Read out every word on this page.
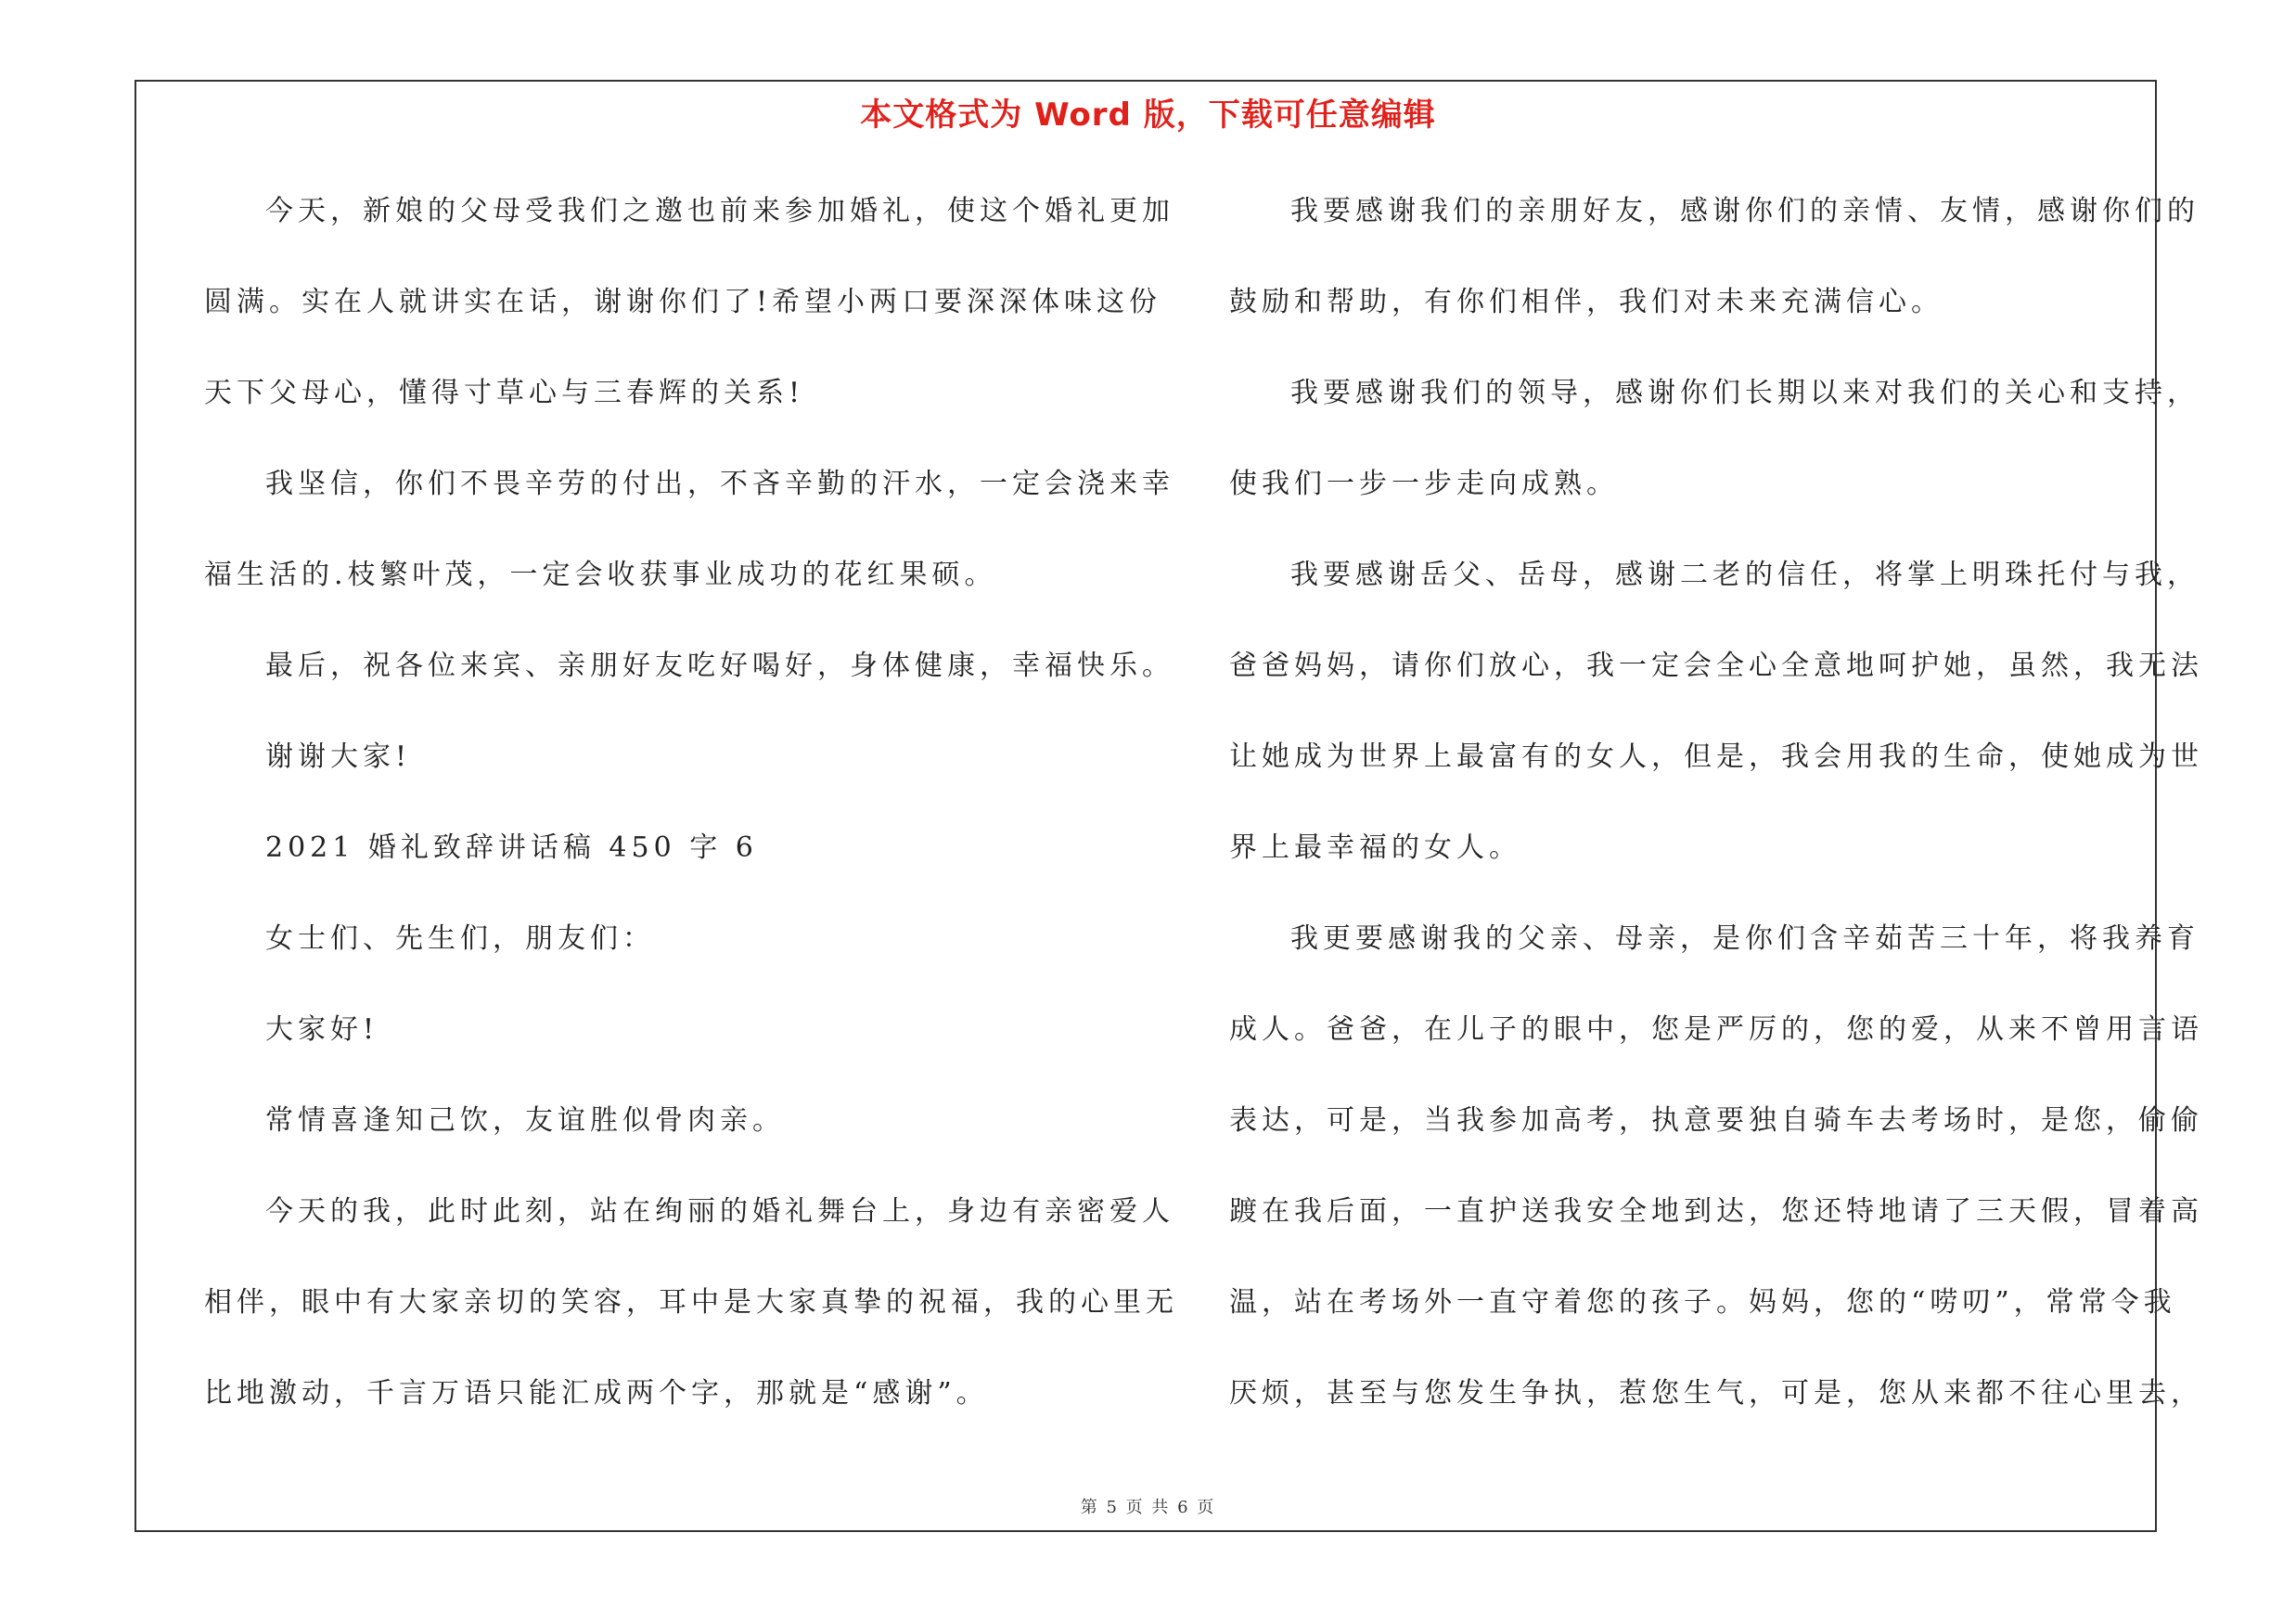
本文格式为 Word 版，下载可任意编辑
今天，新娘的父母受我们之邀也前来参加婚礼，使这个婚礼更加
圆满。实在人就讲实在话，谢谢你们了!希望小两口要深深体味这份
天下父母心，懂得寸草心与三春辉的关系!
我坚信，你们不畏辛劳的付出，不吝辛勤的汗水，一定会浇来幸
福生活的.枝繁叶茂，一定会收获事业成功的花红果硕。
最后，祝各位来宾、亲朋好友吃好喝好，身体健康，幸福快乐。
谢谢大家!
2021 婚礼致辞讲话稿 450 字 6
女士们、先生们，朋友们：
大家好!
常情喜逢知己饮，友谊胜似骨肉亲。
今天的我，此时此刻，站在绚丽的婚礼舞台上，身边有亲密爱人
相伴，眼中有大家亲切的笑容，耳中是大家真挚的祝福，我的心里无
比地激动，千言万语只能汇成两个字，那就是“感谢”。
我要感谢我们的亲朋好友，感谢你们的亲情、友情，感谢你们的
鼓励和帮助，有你们相伴，我们对未来充满信心。
我要感谢我们的领导，感谢你们长期以来对我们的关心和支持，
使我们一步一步走向成熟。
我要感谢岳父、岳母，感谢二老的信任，将掌上明珠托付与我，
爸爸妈妈，请你们放心，我一定会全心全意地呵护她，虽然，我无法
让她成为世界上最富有的女人，但是，我会用我的生命，使她成为世
界上最幸福的女人。
我更要感谢我的父亲、母亲，是你们含辛茹苦三十年，将我养育
成人。爸爸，在儿子的眼中，您是严厉的，您的爱，从来不曾用言语
表达，可是，当我参加高考，执意要独自骑车去考场时，是您，偷偷
踱在我后面，一直护送我安全地到达，您还特地请了三天假，冒着高
温，站在考场外一直守着您的孩子。妈妈，您的“唠叨”，常常令我
厌烦，甚至与您发生争执，惹您生气，可是，您从来都不往心里去，
第 5 页 共 6 页
